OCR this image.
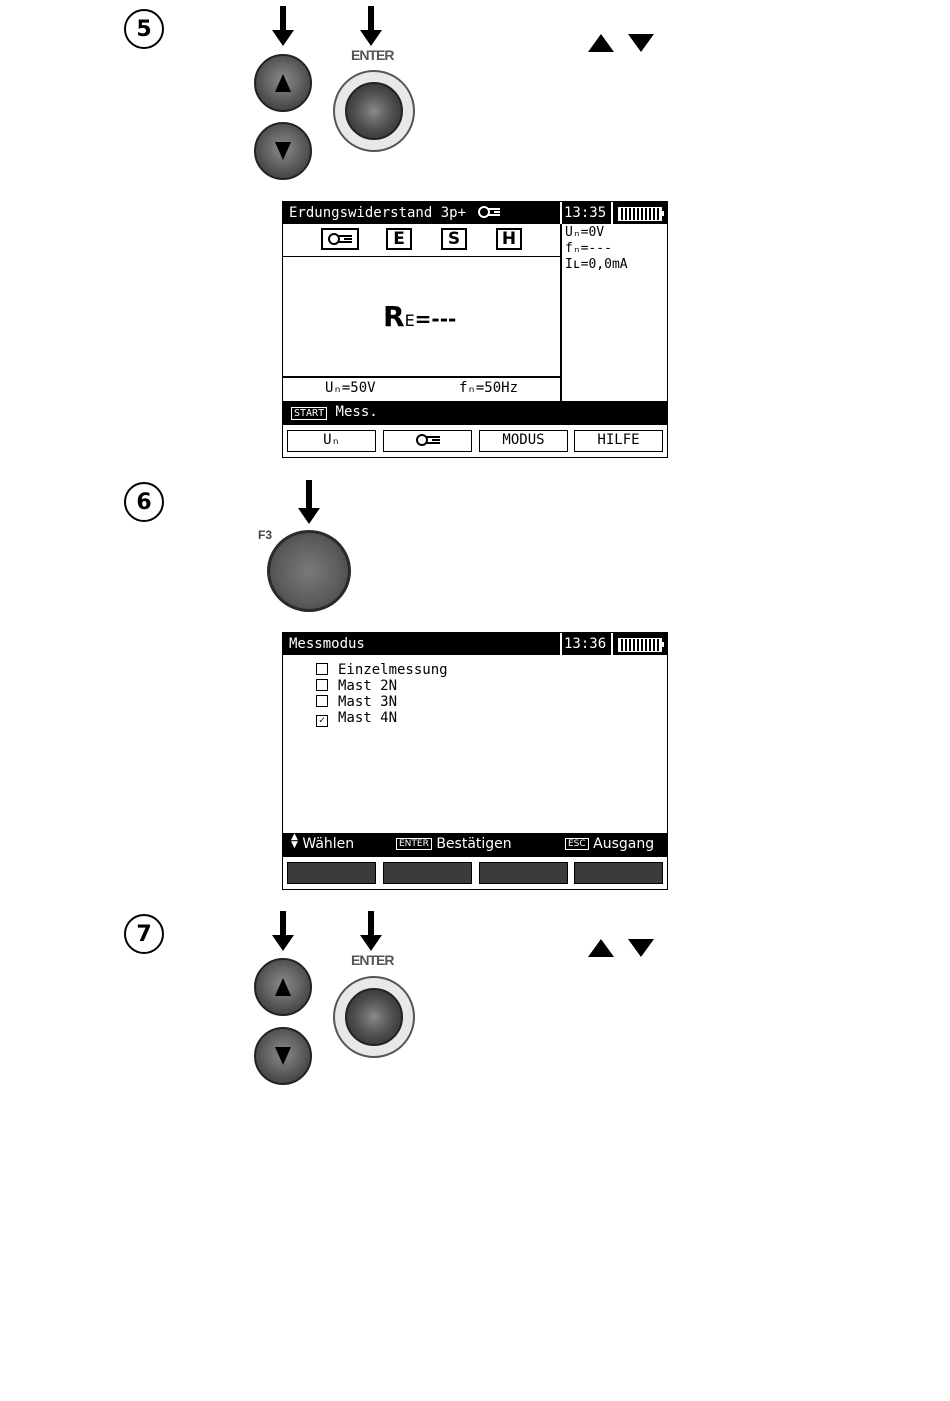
5
ENTER
Erdungswiderstand 3p+	13:35
E	S	H	Uₙ=0V
fₙ=---
Iʟ=0,0mA
RE=---
Uₙ=50V	fₙ=50Hz
START Mess.
Uₙ	MODUS	HILFE
6
F3
Messmodus	13:36
Einzelmessung
Mast 2N
Mast 3N
✓ Mast 4N
▲
▼ Wählen	ENTER Bestätigen	ESC Ausgang
7
ENTER
